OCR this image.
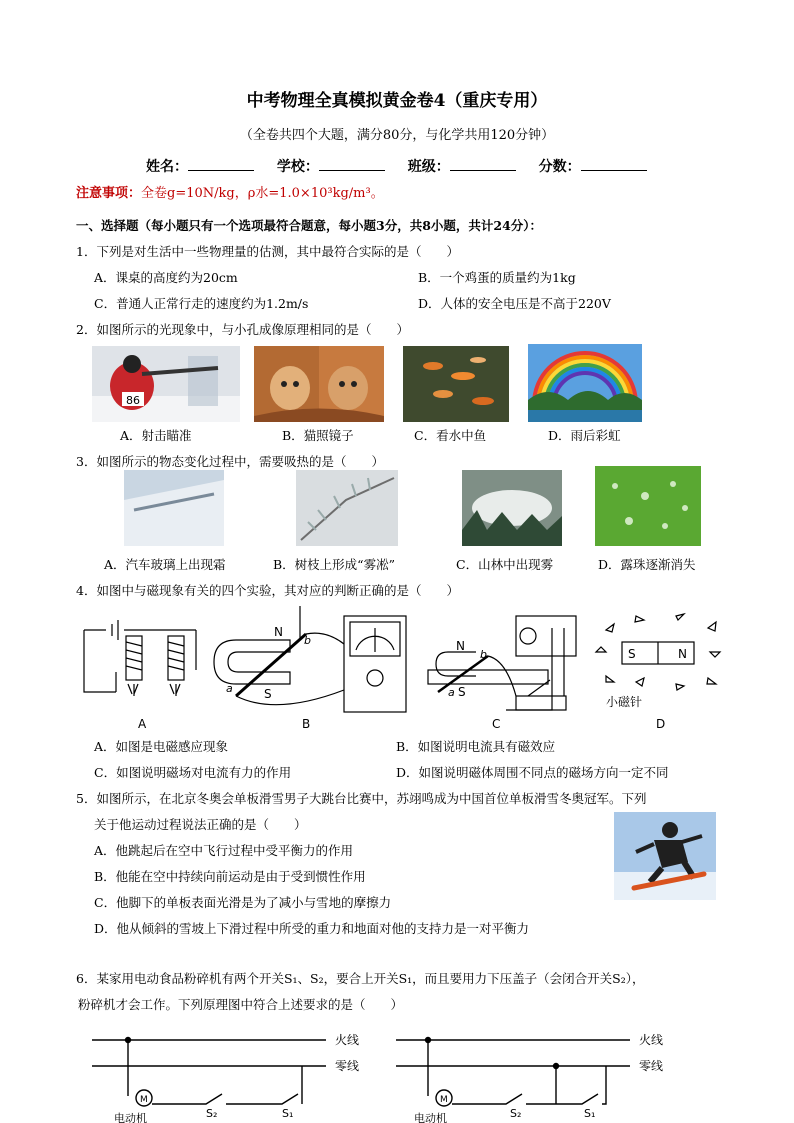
中考物理全真模拟黄金卷4（重庆专用）
（全卷共四个大题，满分80分，与化学共用120分钟）
姓名：	学校：	班级：	分数：
注意事项：全卷g=10N/kg，ρ水=1.0×10³kg/m³。
一、选择题（每小题只有一个选项最符合题意，每小题3分，共8小题，共计24分）：
1．下列是对生活中一些物理量的估测，其中最符合实际的是（　　）
A．课桌的高度约为20cm	B．一个鸡蛋的质量约为1kg
C．普通人正常行走的速度约为1.2m/s	D．人体的安全电压是不高于220V
2．如图所示的光现象中，与小孔成像原理相同的是（　　）
86
A．射击瞄准	B．猫照镜子	C．看水中鱼	D．雨后彩虹
3．如图所示的物态变化过程中，需要吸热的是（　　）
A．汽车玻璃上出现霜	B．树枝上形成“雾凇”	C．山林中出现雾	D．露珠逐渐消失
4．如图中与磁现象有关的四个实验，其对应的判断正确的是（　　）
A
N
S
a
b
B
N
S
a
b
C
S	N
小磁针
D
A．如图是电磁感应现象	B．如图说明电流具有磁效应
C．如图说明磁场对电流有力的作用	D．如图说明磁体周围不同点的磁场方向一定不同
5．如图所示，在北京冬奥会单板滑雪男子大跳台比赛中，苏翊鸣成为中国首位单板滑雪冬奥冠军。下列
关于他运动过程说法正确的是（　　）
A．他跳起后在空中飞行过程中受平衡力的作用
B．他能在空中持续向前运动是由于受到惯性作用
C．他脚下的单板表面光滑是为了减小与雪地的摩擦力
D．他从倾斜的雪坡上下滑过程中所受的重力和地面对他的支持力是一对平衡力
6．某家用电动食品粉碎机有两个开关S₁、S₂，要合上开关S₁，而且要用力下压盖子（会闭合开关S₂），
粉碎机才会工作。下列原理图中符合上述要求的是（　　）
火线
零线
M
S₂	S₁
电动机
火线
零线
M
S₂	S₁
电动机
